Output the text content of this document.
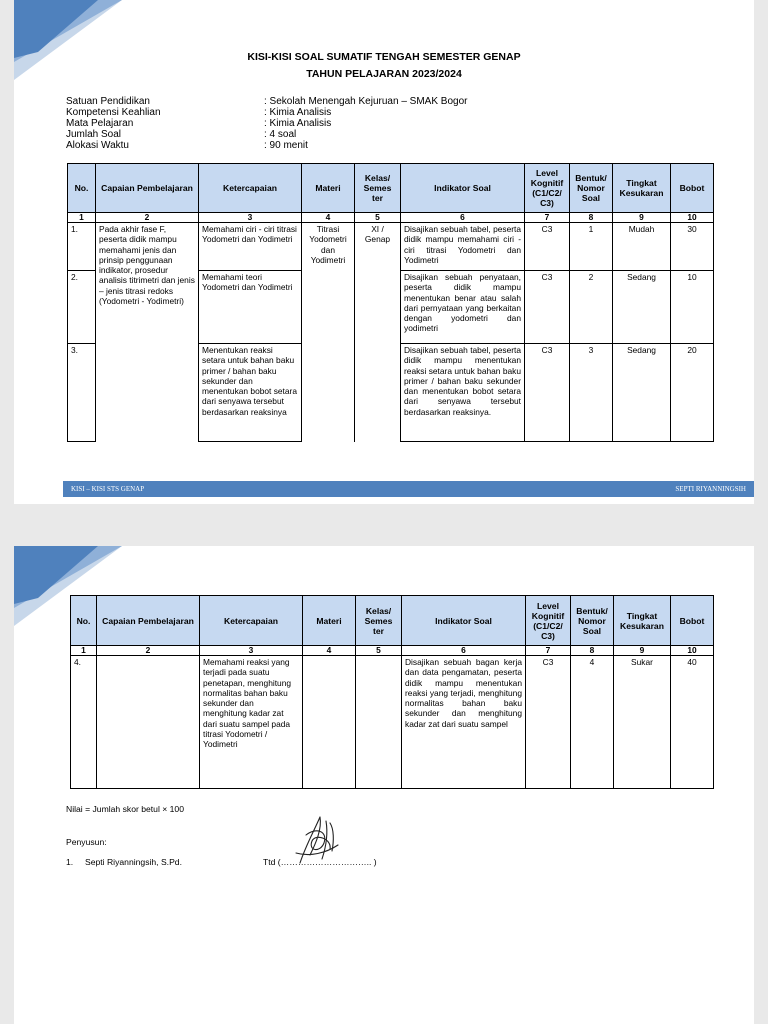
KISI-KISI SOAL SUMATIF TENGAH SEMESTER GENAP
TAHUN PELAJARAN 2023/2024
Satuan Pendidikan	: Sekolah Menengah Kejuruan – SMAK Bogor
Kompetensi Keahlian	: Kimia Analisis
Mata Pelajaran	: Kimia Analisis
Jumlah Soal	: 4 soal
Alokasi Waktu	: 90 menit
No.	Capaian Pembelajaran	Ketercapaian	Materi	Kelas/ Semes ter	Indikator Soal	Level Kognitif (C1/C2/ C3)	Bentuk/ Nomor Soal	Tingkat Kesukaran	Bobot
1	2	3	4	5	6	7	8	9	10
1.	Pada akhir fase F, peserta didik mampu memahami jenis dan prinsip penggunaan indikator, prosedur analisis titrimetri dan jenis – jenis titrasi redoks (Yodometri - Yodimetri)	Memahami ciri - ciri titrasi Yodometri dan Yodimetri	Titrasi Yodometri dan Yodimetri	XI / Genap	Disajikan sebuah tabel, peserta didik mampu memahami ciri - ciri titrasi Yodometri dan Yodimetri	C3	1	Mudah	30
2.		Memahami teori Yodometri dan Yodimetri			Disajikan sebuah penyataan, peserta didik mampu menentukan benar atau salah dari pernyataan yang berkaitan dengan yodometri dan yodimetri	C3	2	Sedang	10
3.		Menentukan reaksi setara untuk bahan baku primer / bahan baku sekunder dan menentukan bobot setara dari senyawa tersebut berdasarkan reaksinya			Disajikan sebuah tabel, peserta didik mampu menentukan reaksi setara untuk bahan baku primer / bahan baku sekunder dan menentukan bobot setara dari senyawa tersebut berdasarkan reaksinya.	C3	3	Sedang	20
KISI – KISI STS GENAP	SEPTI RIYANNINGSIH
No.	Capaian Pembelajaran	Ketercapaian	Materi	Kelas/ Semes ter	Indikator Soal	Level Kognitif (C1/C2/ C3)	Bentuk/ Nomor Soal	Tingkat Kesukaran	Bobot
1	2	3	4	5	6	7	8	9	10
4.		Memahami reaksi yang terjadi pada suatu penetapan, menghitung normalitas bahan baku sekunder dan menghitung kadar zat dari suatu sampel pada titrasi Yodometri / Yodimetri			Disajikan sebuah bagan kerja dan data pengamatan, peserta didik mampu menentukan reaksi yang terjadi, menghitung normalitas bahan baku sekunder dan menghitung kadar zat dari suatu sampel	C3	4	Sukar	40
Nilai = Jumlah skor betul × 100
Penyusun:
1. Septi Riyanningsih, S.Pd.	Ttd (………………………….. )
